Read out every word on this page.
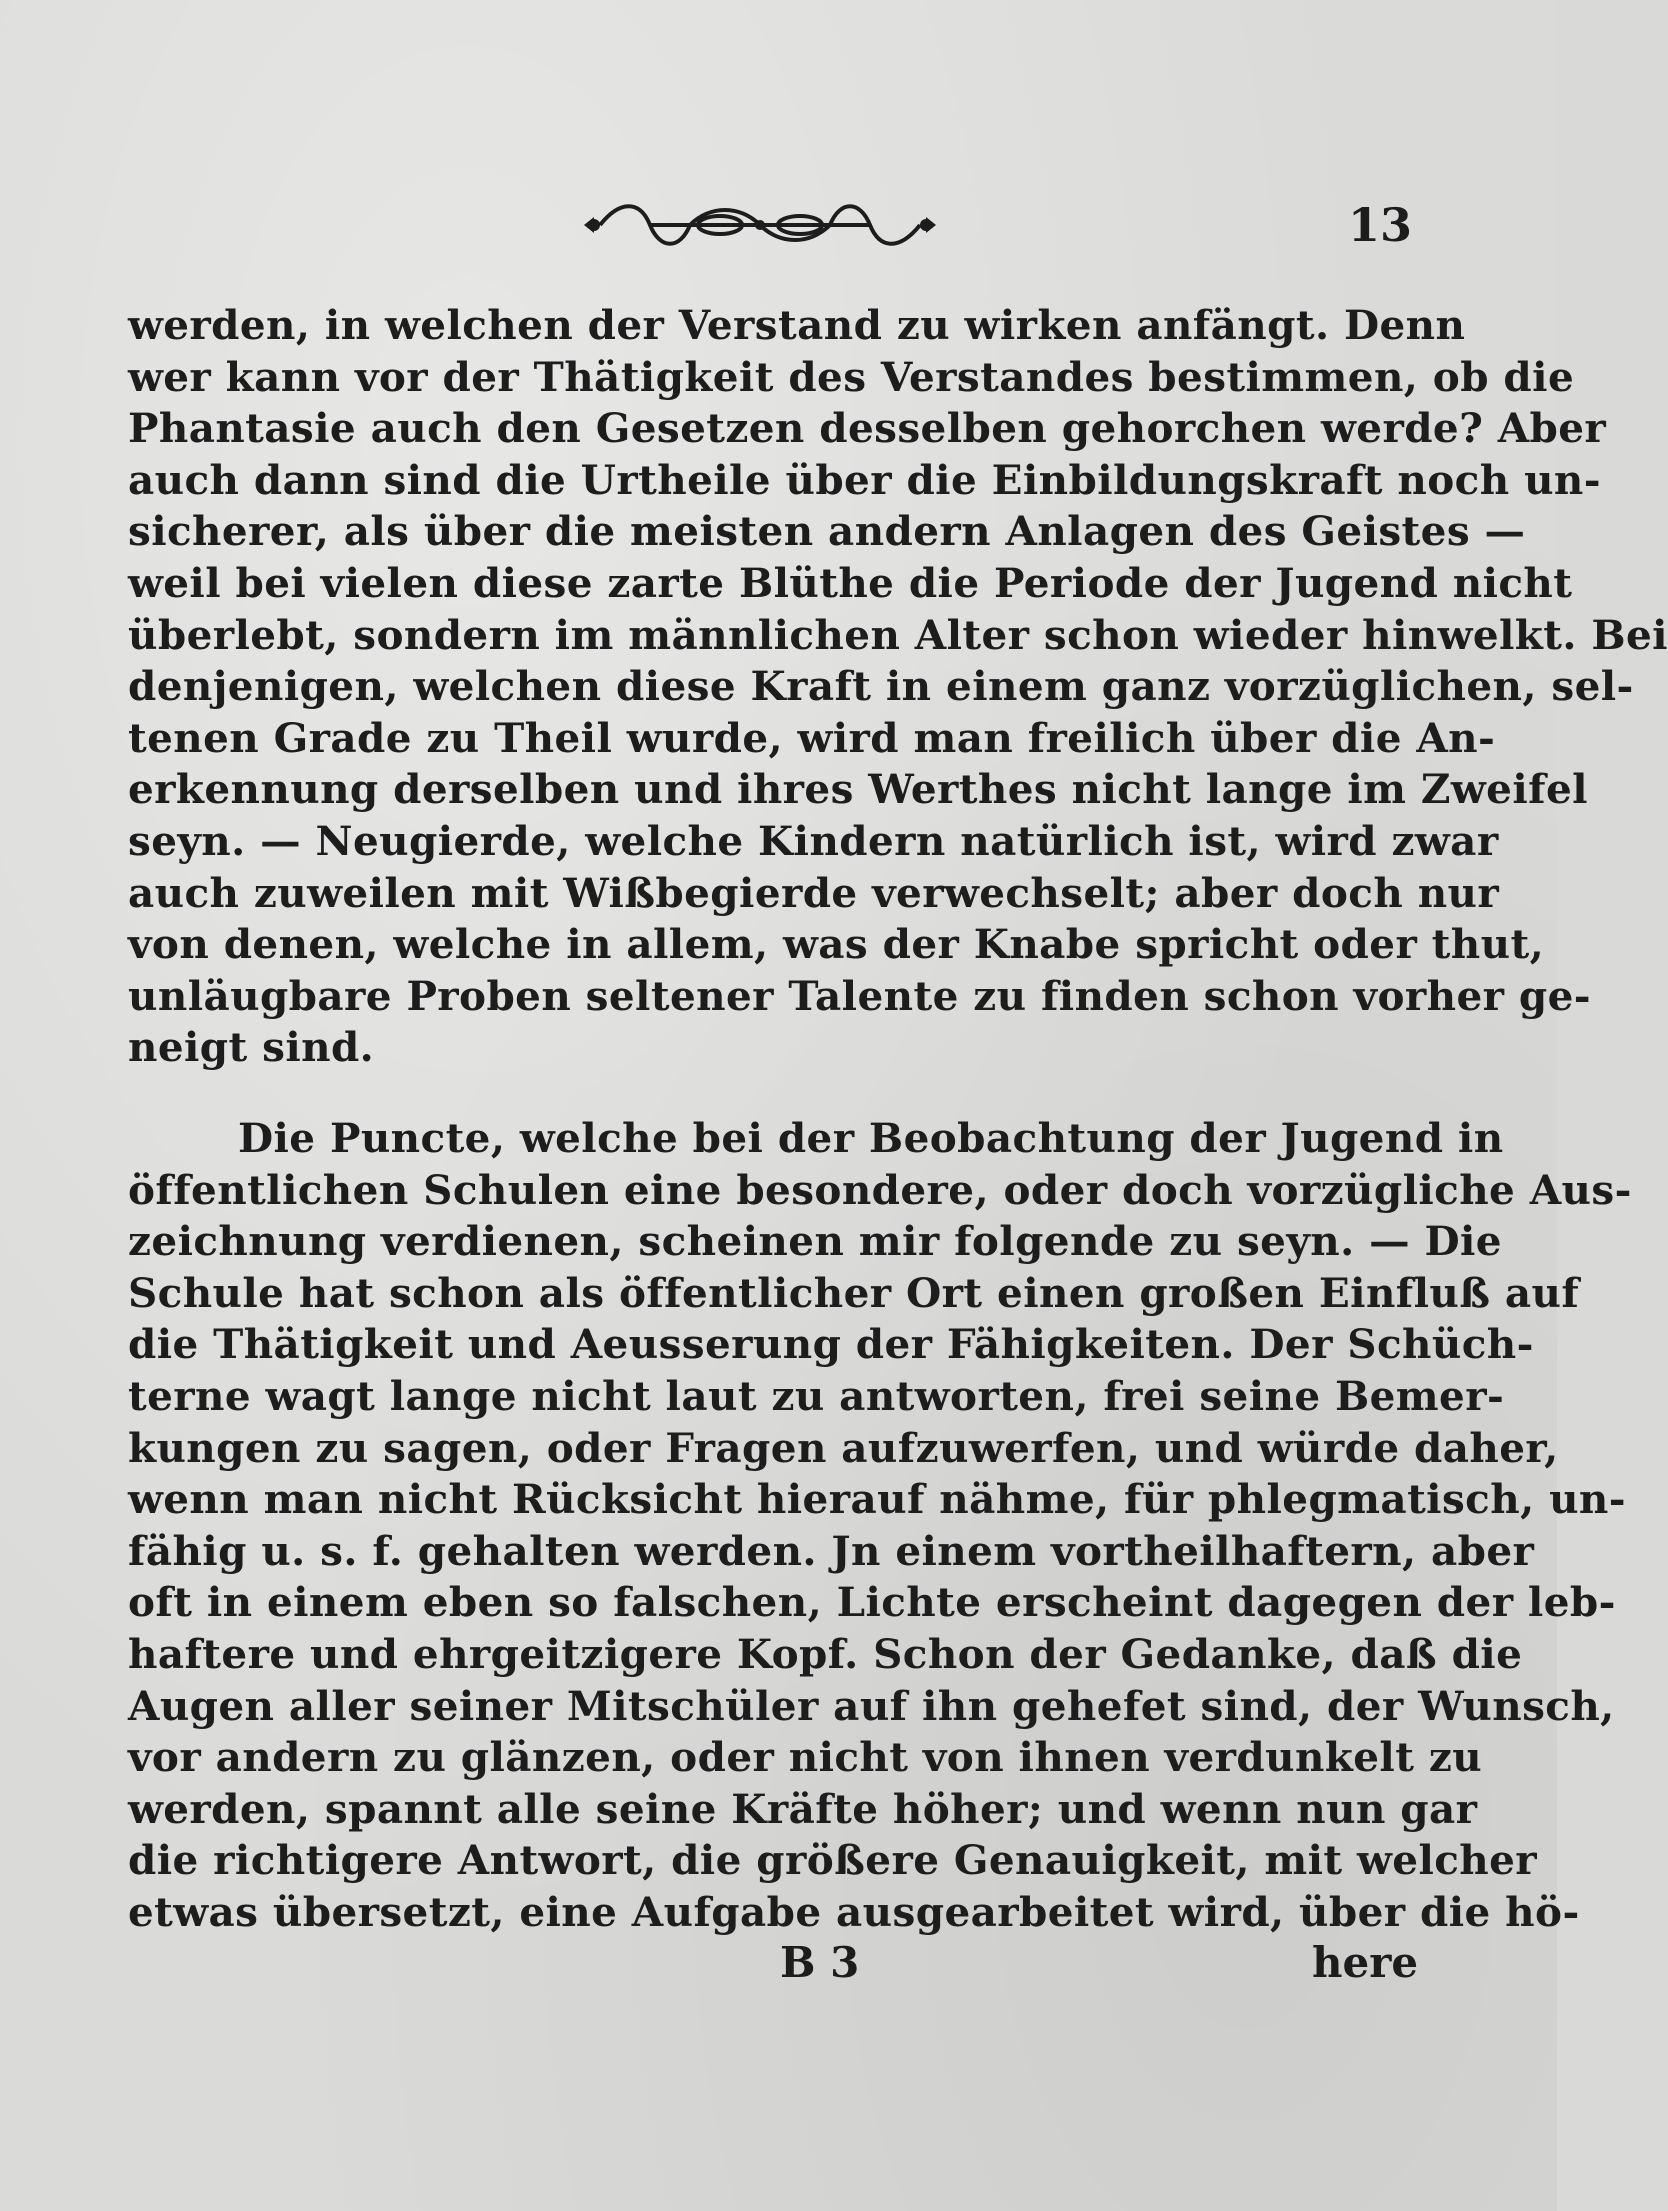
13
werden, in welchen der Verstand zu wirken anfängt. Denn
wer kann vor der Thätigkeit des Verstandes bestimmen, ob die
Phantasie auch den Gesetzen desselben gehorchen werde? Aber
auch dann sind die Urtheile über die Einbildungskraft noch un-
sicherer, als über die meisten andern Anlagen des Geistes —
weil bei vielen diese zarte Blüthe die Periode der Jugend nicht
überlebt, sondern im männlichen Alter schon wieder hinwelkt. Bei
denjenigen, welchen diese Kraft in einem ganz vorzüglichen, sel-
tenen Grade zu Theil wurde, wird man freilich über die An-
erkennung derselben und ihres Werthes nicht lange im Zweifel
seyn. — Neugierde, welche Kindern natürlich ist, wird zwar
auch zuweilen mit Wißbegierde verwechselt; aber doch nur
von denen, welche in allem, was der Knabe spricht oder thut,
unläugbare Proben seltener Talente zu finden schon vorher ge-
neigt sind.
Die Puncte, welche bei der Beobachtung der Jugend in
öffentlichen Schulen eine besondere, oder doch vorzügliche Aus-
zeichnung verdienen, scheinen mir folgende zu seyn. — Die
Schule hat schon als öffentlicher Ort einen großen Einfluß auf
die Thätigkeit und Aeusserung der Fähigkeiten. Der Schüch-
terne wagt lange nicht laut zu antworten, frei seine Bemer-
kungen zu sagen, oder Fragen aufzuwerfen, und würde daher,
wenn man nicht Rücksicht hierauf nähme, für phlegmatisch, un-
fähig u. s. f. gehalten werden. Jn einem vortheilhaftern, aber
oft in einem eben so falschen, Lichte erscheint dagegen der leb-
haftere und ehrgeitzigere Kopf. Schon der Gedanke, daß die
Augen aller seiner Mitschüler auf ihn gehefet sind, der Wunsch,
vor andern zu glänzen, oder nicht von ihnen verdunkelt zu
werden, spannt alle seine Kräfte höher; und wenn nun gar
die richtigere Antwort, die größere Genauigkeit, mit welcher
etwas übersetzt, eine Aufgabe ausgearbeitet wird, über die hö-
B 3	here
